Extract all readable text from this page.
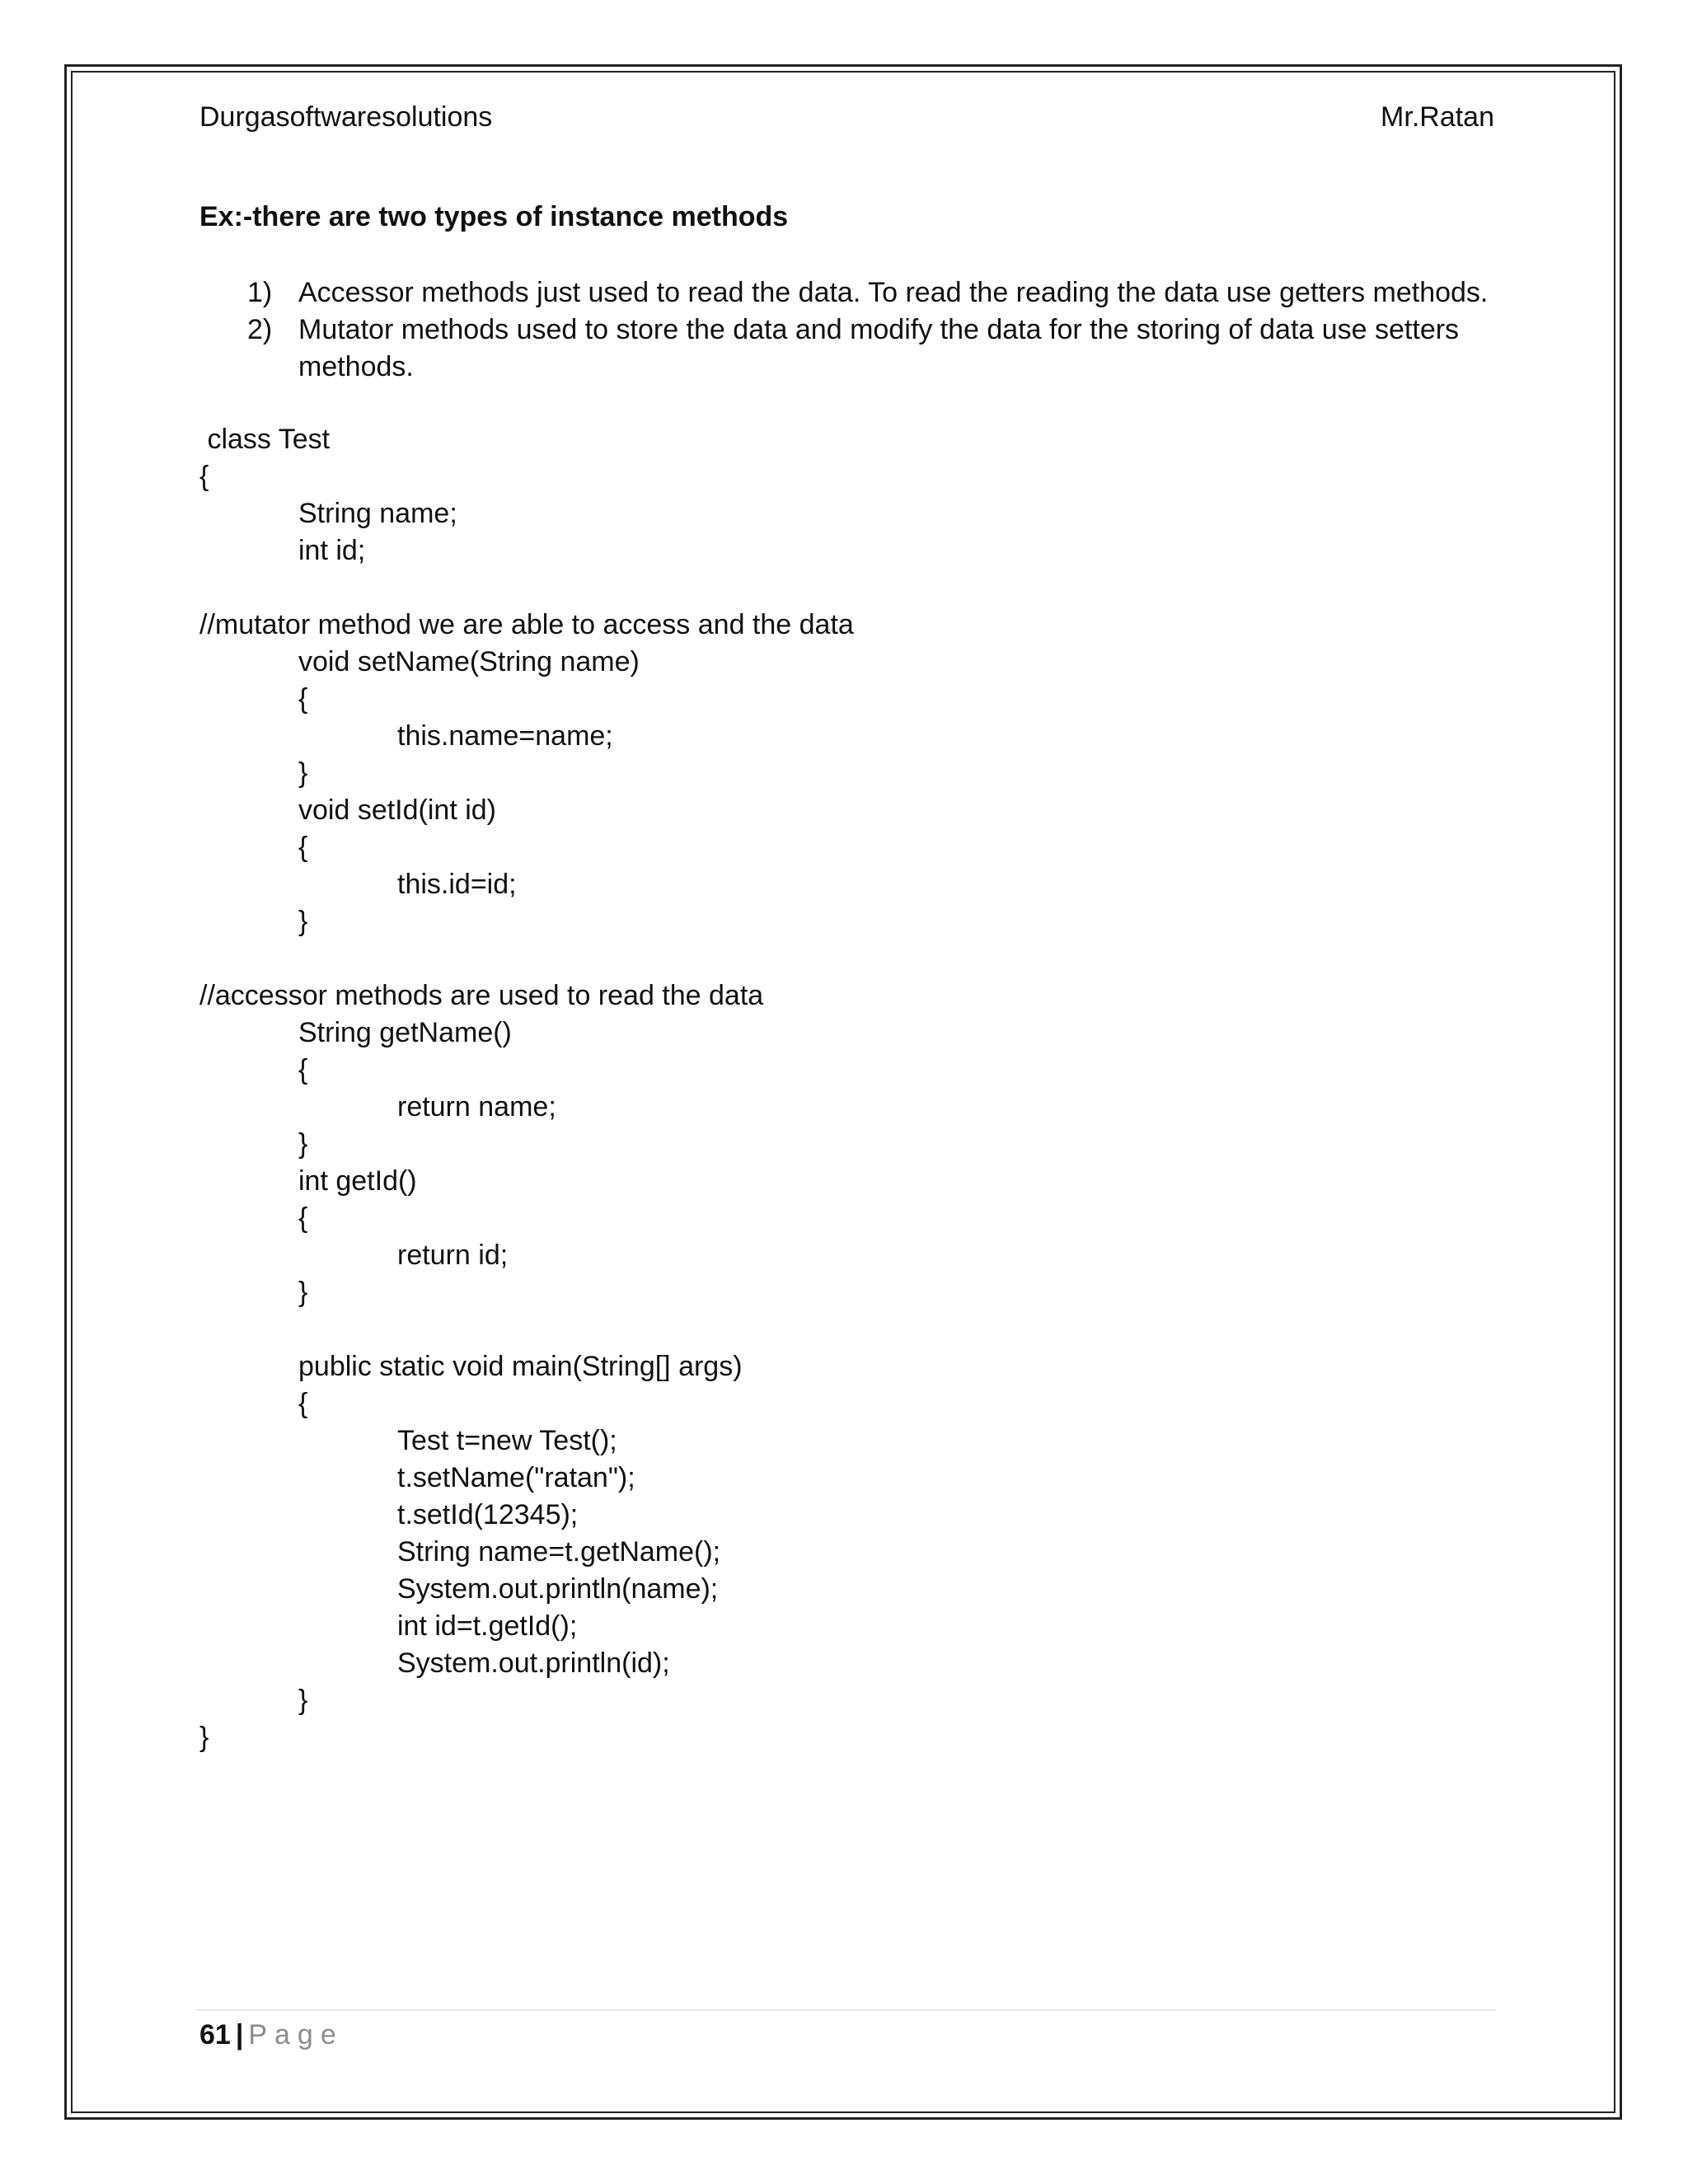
Durgasoftwaresolutions	Mr.Ratan
Ex:-there are two types of instance methods
1) Accessor methods just used to read the data. To read the reading the data use getters methods.
2) Mutator methods used to store the data and modify the data for the storing of data use setters methods.
class Test
{
String name;
int id;
//mutator method we are able to access and the data
void setName(String name)
{
this.name=name;
}
void setId(int id)
{
this.id=id;
}
//accessor methods are used to read the data
String getName()
{
return name;
}
int getId()
{
return id;
}
public static void main(String[] args)
{
Test t=new Test();
t.setName("ratan");
t.setId(12345);
String name=t.getName();
System.out.println(name);
int id=t.getId();
System.out.println(id);
}
}
61 | Page
